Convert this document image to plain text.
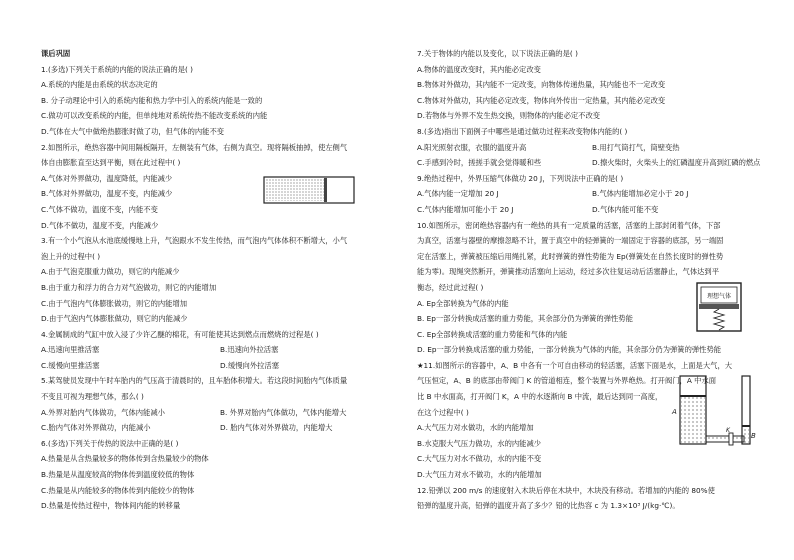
课后巩固
1.(多选)下列关于系统的内能的说法正确的是( )
A.系统的内能是由系统的状态决定的
B. 分子动理论中引入的系统内能和热力学中引入的系统内能是一致的
C.做功可以改变系统的内能，但单纯地对系统传热不能改变系统的内能
D.气体在大气中做绝热膨胀时做了功，但气体的内能不变
2.如图所示，绝热容器中间用隔板隔开，左侧装有气体，右侧为真空。现将隔板抽掉，使左侧气
体自由膨胀直至达到平衡，则在此过程中( )
A.气体对外界做功，温度降低，内能减少
B.气体对外界做功，温度不变，内能减少
C.气体不做功，温度不变，内能不变
D.气体不做功，温度不变，内能减少
3.有一个小气泡从水池底缓慢地上升，气泡跟水不发生传热，而气泡内气体体积不断增大，小气
泡上升的过程中( )
A.由于气泡克服重力做功，则它的内能减少
B.由于重力和浮力的合力对气泡做功，则它的内能增加
C.由于气泡内气体膨胀做功，则它的内能增加
D.由于气泡内气体膨胀做功，则它的内能减少
4.金属制成的气缸中放入浸了少许乙醚的棉花，有可能使其达到燃点而燃烧的过程是( )
A.迅速向里推活塞	B.迅速向外拉活塞
C.缓慢向里推活塞	D.缓慢向外拉活塞
5.某驾驶员发现中午时车胎内的气压高于清晨时的，且车胎体积增大。若这段时间胎内气体质量
不变且可视为理想气体，那么( )
A.外界对胎内气体做功，气体内能减小	B. 外界对胎内气体做功，气体内能增大
C.胎内气体对外界做功，内能减小	D. 胎内气体对外界做功，内能增大
6.(多选)下列关于传热的说法中正确的是( )
A.热量是从含热量较多的物体传到含热量较少的物体
B.热量是从温度较高的物体传到温度较低的物体
C.热量是从内能较多的物体传到内能较少的物体
D.热量是传热过程中，物体间内能的转移量
7.关于物体的内能以及变化，以下说法正确的是( )
A.物体的温度改变时，其内能必定改变
B.物体对外做功，其内能不一定改变，向物体传递热量，其内能也不一定改变
C.物体对外做功，其内能必定改变，物体向外传出一定热量，其内能必定改变
D.若物体与外界不发生热交换，则物体的内能必定不改变
8.(多选)指出下面例子中哪些是通过做功过程来改变物体内能的( )
A.阳光照射衣服，衣服的温度升高	B.用打气筒打气，筒壁变热
C.手感到冷时，搓搓手就会觉得暖和些	D.擦火柴时，火柴头上的红磷温度升高到红磷的燃点
9.绝热过程中，外界压缩气体做功 20 J，下列说法中正确的是( )
A.气体内能一定增加 20 J	B.气体内能增加必定小于 20 J
C.气体内能增加可能小于 20 J	D.气体内能可能不变
10.如图所示，密闭绝热容器内有一绝热的具有一定质量的活塞，活塞的上部封闭着气体，下部
为真空，活塞与器壁的摩擦忽略不计，置于真空中的轻弹簧的一端固定于容器的底部，另一端固
定在活塞上，弹簧被压缩后用绳扎紧，此时弹簧的弹性势能为 Ep(弹簧处在自然长度时的弹性势
能为零)。现绳突然断开，弹簧推动活塞向上运动，经过多次往复运动后活塞静止，气体达到平
衡态，经过此过程( )
A. Ep全部转换为气体的内能
B. Ep一部分转换成活塞的重力势能，其余部分仍为弹簧的弹性势能
C. Ep全部转换成活塞的重力势能和气体的内能
D. Ep一部分转换成活塞的重力势能，一部分转换为气体的内能，其余部分仍为弹簧的弹性势能
★11.如图所示的容器中，A、B 中各有一个可自由移动的轻活塞，活塞下面是水，上面是大气，大
气压恒定，A、B 的底部由带阀门 K 的管道相连，整个装置与外界绝热。打开阀门，A 中水面
比 B 中水面高，打开阀门 K，A 中的水逐渐向 B 中流，最后达到同一高度，
在这个过程中( )
A.大气压力对水做功，水的内能增加
B.水克服大气压力做功，水的内能减少
C.大气压力对水不做功，水的内能不变
D.大气压力对水不做功，水的内能增加
12.铅弹以 200 m/s 的速度射入木块后停在木块中，木块没有移动。若增加的内能的 80%使
铅弹的温度升高，铅弹的温度升高了多少？铅的比热容 c 为 1.3×10³ J/(kg·℃)。
理想气体
A
K
B
